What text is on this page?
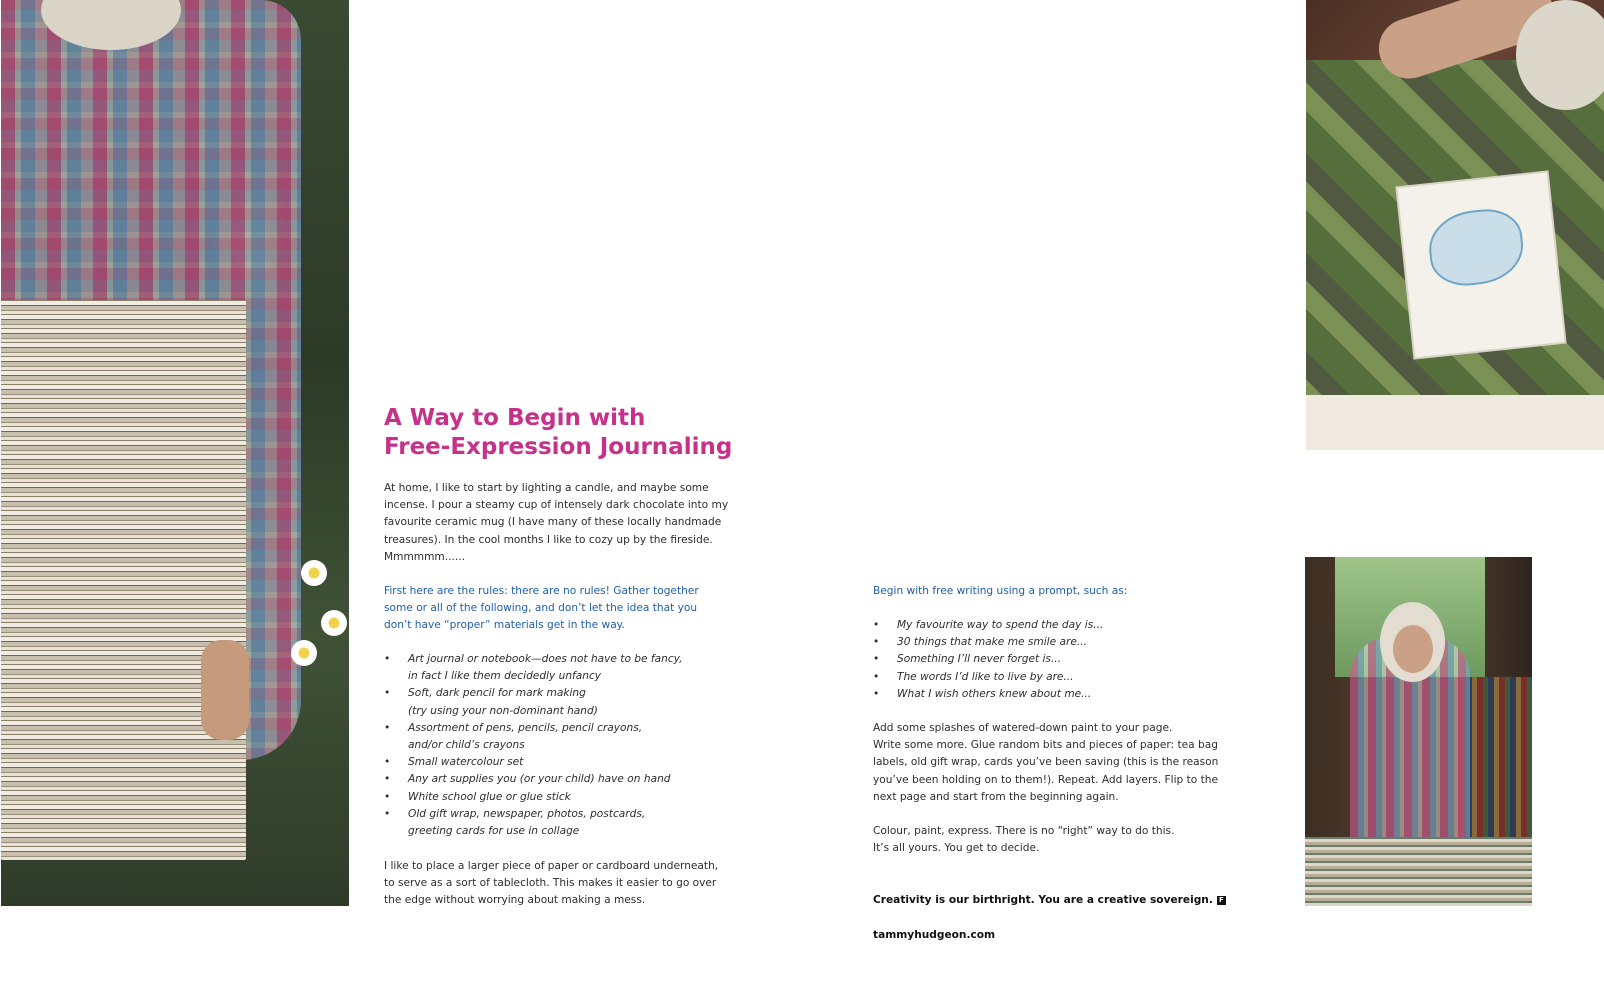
A Way to Begin with
Free-Expression Journaling
At home, I like to start by lighting a candle, and maybe some
incense. I pour a steamy cup of intensely dark chocolate into my
favourite ceramic mug (I have many of these locally handmade
treasures). In the cool months I like to cozy up by the fireside.
Mmmmmm......
First here are the rules: there are no rules! Gather together
some or all of the following, and don’t let the idea that you
don’t have “proper” materials get in the way.
• Art journal or notebook—does not have to be fancy,
in fact I like them decidedly unfancy
• Soft, dark pencil for mark making
(try using your non-dominant hand)
• Assortment of pens, pencils, pencil crayons,
and/or child’s crayons
• Small watercolour set
• Any art supplies you (or your child) have on hand
• White school glue or glue stick
• Old gift wrap, newspaper, photos, postcards,
greeting cards for use in collage
I like to place a larger piece of paper or cardboard underneath,
to serve as a sort of tablecloth. This makes it easier to go over
the edge without worrying about making a mess.
Begin with free writing using a prompt, such as:
• My favourite way to spend the day is...
• 30 things that make me smile are...
• Something I’ll never forget is...
• The words I’d like to live by are...
• What I wish others knew about me...
Add some splashes of watered-down paint to your page.
Write some more. Glue random bits and pieces of paper: tea bag
labels, old gift wrap, cards you’ve been saving (this is the reason
you’ve been holding on to them!). Repeat. Add layers. Flip to the
next page and start from the beginning again.
Colour, paint, express. There is no “right” way to do this.
It’s all yours. You get to decide.

Creativity is our birthright. You are a creative sovereign. F

tammyhudgeon.com
